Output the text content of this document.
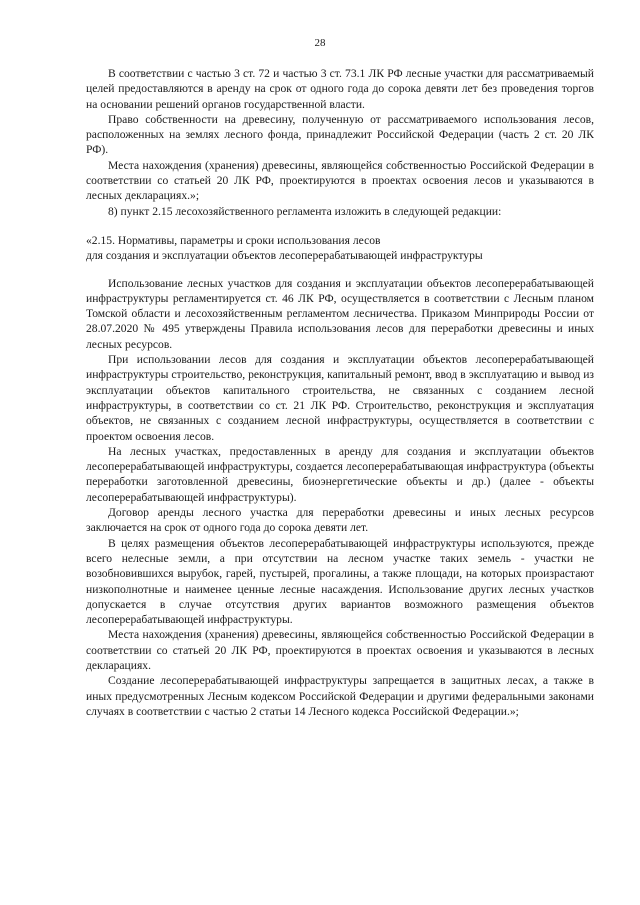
28

В соответствии с частью 3 ст. 72 и частью 3 ст. 73.1 ЛК РФ лесные участки для рассматриваемый целей предоставляются в аренду на срок от одного года до сорока девяти лет без проведения торгов на основании решений органов государственной власти.

Право собственности на древесину, полученную от рассматриваемого использования лесов, расположенных на землях лесного фонда, принадлежит Российской Федерации (часть 2 ст. 20 ЛК РФ).

Места нахождения (хранения) древесины, являющейся собственностью Российской Федерации в соответствии со статьей 20 ЛК РФ, проектируются в проектах освоения лесов и указываются в лесных декларациях.»;

8) пункт 2.15 лесохозяйственного регламента изложить в следующей редакции:

«2.15. Нормативы, параметры и сроки использования лесов
для создания и эксплуатации объектов лесоперерабатывающей инфраструктуры

Использование лесных участков для создания и эксплуатации объектов лесоперерабатывающей инфраструктуры регламентируется ст. 46 ЛК РФ, осуществляется в соответствии с Лесным планом Томской области и лесохозяйственным регламентом лесничества. Приказом Минприроды России от 28.07.2020 № 495 утверждены Правила использования лесов для переработки древесины и иных лесных ресурсов.

При использовании лесов для создания и эксплуатации объектов лесоперерабатывающей инфраструктуры строительство, реконструкция, капитальный ремонт, ввод в эксплуатацию и вывод из эксплуатации объектов капитального строительства, не связанных с созданием лесной инфраструктуры, в соответствии со ст. 21 ЛК РФ. Строительство, реконструкция и эксплуатация объектов, не связанных с созданием лесной инфраструктуры, осуществляется в соответствии с проектом освоения лесов.

На лесных участках, предоставленных в аренду для создания и эксплуатации объектов лесоперерабатывающей инфраструктуры, создается лесоперерабатывающая инфраструктура (объекты переработки заготовленной древесины, биоэнергетические объекты и др.) (далее - объекты лесоперерабатывающей инфраструктуры).

Договор аренды лесного участка для переработки древесины и иных лесных ресурсов заключается на срок от одного года до сорока девяти лет.

В целях размещения объектов лесоперерабатывающей инфраструктуры используются, прежде всего нелесные земли, а при отсутствии на лесном участке таких земель - участки не возобновившихся вырубок, гарей, пустырей, прогалины, а также площади, на которых произрастают низкополнотные и наименее ценные лесные насаждения. Использование других лесных участков допускается в случае отсутствия других вариантов возможного размещения объектов лесоперерабатывающей инфраструктуры.

Места нахождения (хранения) древесины, являющейся собственностью Российской Федерации в соответствии со статьей 20 ЛК РФ, проектируются в проектах освоения и указываются в лесных декларациях.

Создание лесоперерабатывающей инфраструктуры запрещается в защитных лесах, а также в иных предусмотренных Лесным кодексом Российской Федерации и другими федеральными законами случаях в соответствии с частью 2 статьи 14 Лесного кодекса Российской Федерации.»;
